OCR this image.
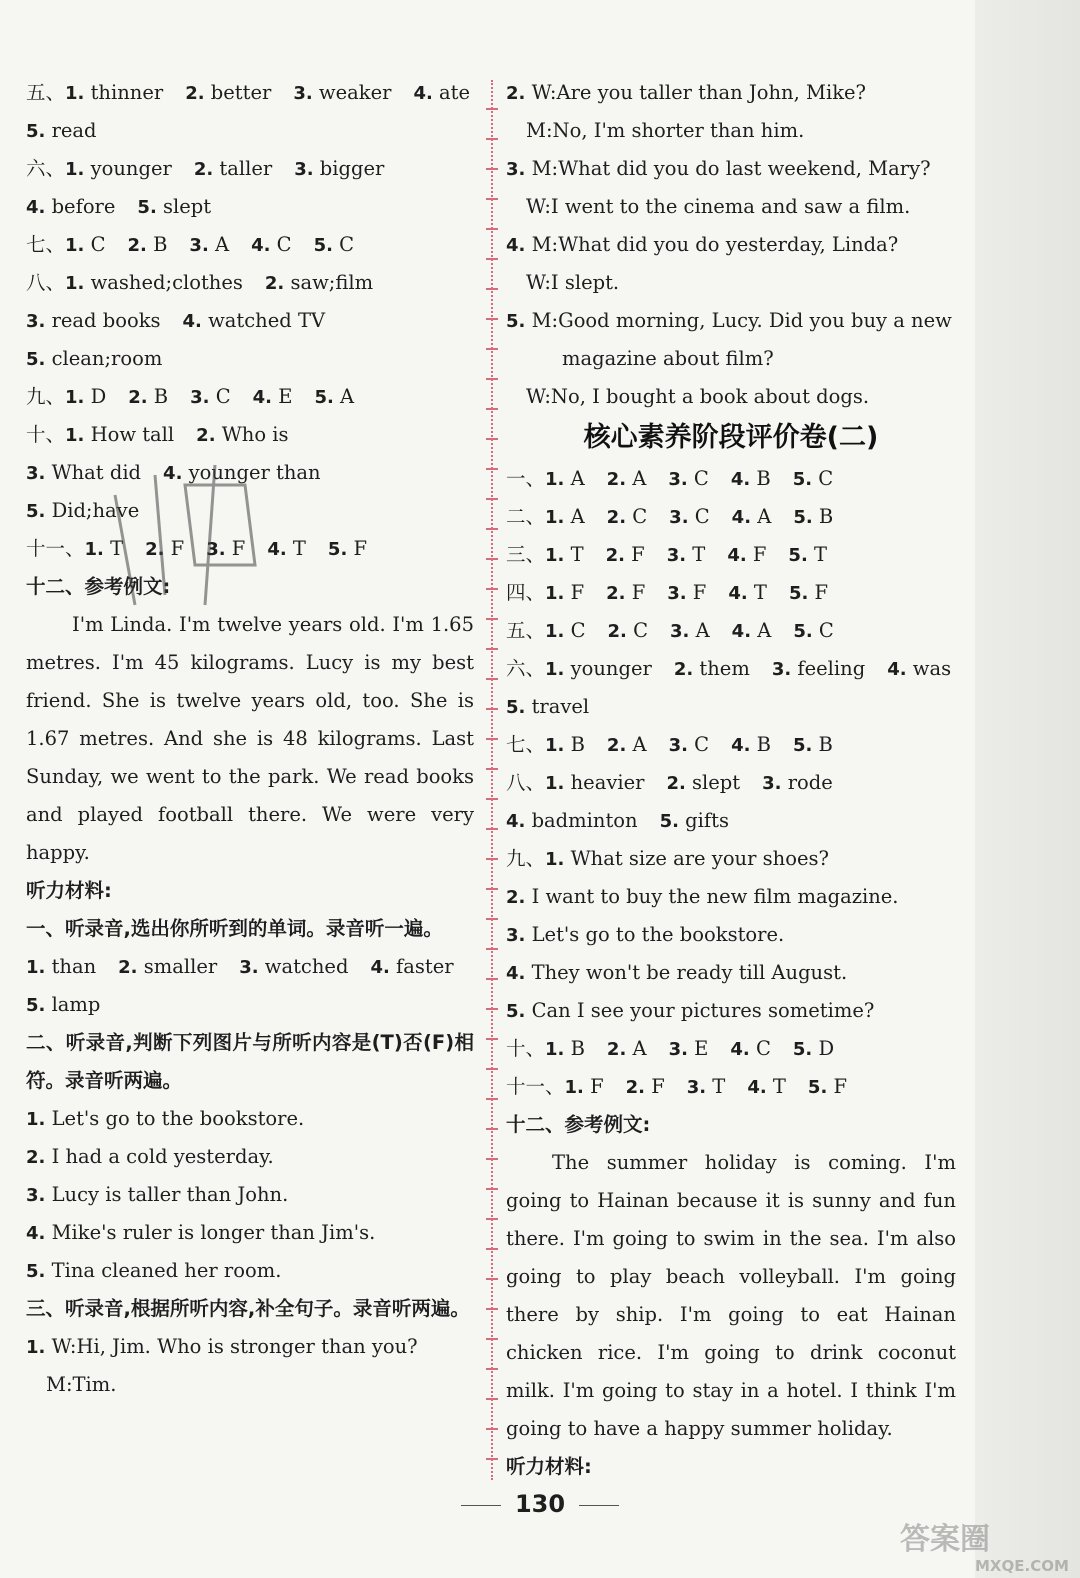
五、1. thinner 2. better 3. weaker 4. ate
5. read
六、1. younger 2. taller 3. bigger
4. before 5. slept
七、1. C 2. B 3. A 4. C 5. C
八、1. washed;clothes 2. saw;film
3. read books 4. watched TV
5. clean;room
九、1. D 2. B 3. C 4. E 5. A
十、1. How tall 2. Who is
3. What did 4. younger than
5. Did;have
十一、1. T 2. F 3. F 4. T 5. F
十二、参考例文:
I'm Linda. I'm twelve years old. I'm 1.65 metres. I'm 45 kilograms. Lucy is my best friend. She is twelve years old, too. She is 1.67 metres. And she is 48 kilograms. Last Sunday, we went to the park. We read books and played football there. We were very happy.
听力材料:
一、听录音,选出你所听到的单词。录音听一遍。
1. than 2. smaller 3. watched 4. faster
5. lamp
二、听录音,判断下列图片与所听内容是(T)否(F)相符。录音听两遍。
1. Let's go to the bookstore.
2. I had a cold yesterday.
3. Lucy is taller than John.
4. Mike's ruler is longer than Jim's.
5. Tina cleaned her room.
三、听录音,根据所听内容,补全句子。录音听两遍。
1. W:Hi, Jim. Who is stronger than you?
M:Tim.
2. W:Are you taller than John, Mike?
M:No, I'm shorter than him.
3. M:What did you do last weekend, Mary?
W:I went to the cinema and saw a film.
4. M:What did you do yesterday, Linda?
W:I slept.
5. M:Good morning, Lucy. Did you buy a new
magazine about film?
W:No, I bought a book about dogs.
核心素养阶段评价卷(二)
一、1. A 2. A 3. C 4. B 5. C
二、1. A 2. C 3. C 4. A 5. B
三、1. T 2. F 3. T 4. F 5. T
四、1. F 2. F 3. F 4. T 5. F
五、1. C 2. C 3. A 4. A 5. C
六、1. younger 2. them 3. feeling 4. was
5. travel
七、1. B 2. A 3. C 4. B 5. B
八、1. heavier 2. slept 3. rode
4. badminton 5. gifts
九、1. What size are your shoes?
2. I want to buy the new film magazine.
3. Let's go to the bookstore.
4. They won't be ready till August.
5. Can I see your pictures sometime?
十、1. B 2. A 3. E 4. C 5. D
十一、1. F 2. F 3. T 4. T 5. F
十二、参考例文:
The summer holiday is coming. I'm going to Hainan because it is sunny and fun there. I'm going to swim in the sea. I'm also going to play beach volleyball. I'm going there by ship. I'm going to eat Hainan chicken rice. I'm going to drink coconut milk. I'm going to stay in a hotel. I think I'm going to have a happy summer holiday.
听力材料:
130
答案圈
MXQE.COM
